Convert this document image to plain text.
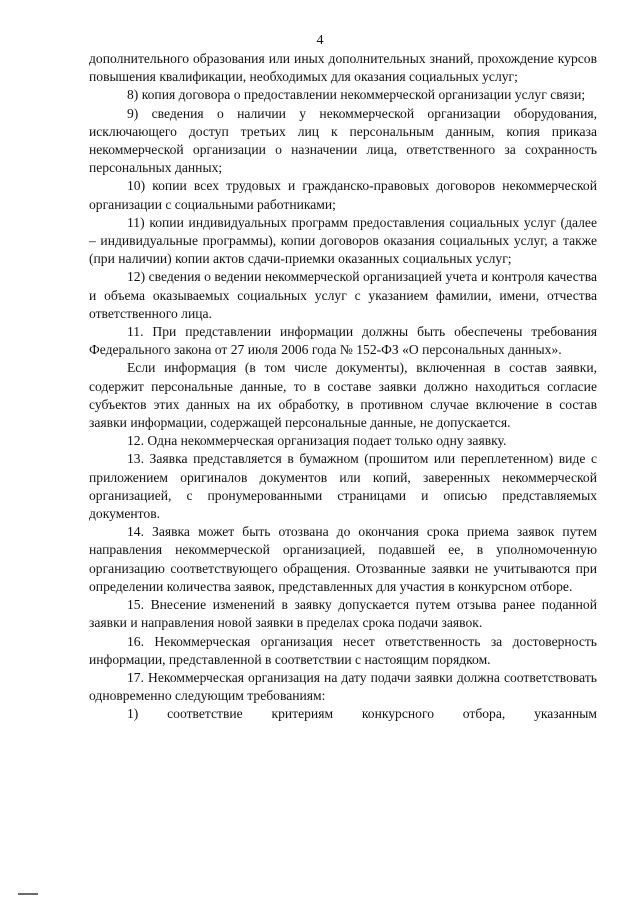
4

дополнительного образования или иных дополнительных знаний, прохождение курсов повышения квалификации, необходимых для оказания социальных услуг;

8) копия договора о предоставлении некоммерческой организации услуг связи;

9) сведения о наличии у некоммерческой организации оборудования, исключающего доступ третьих лиц к персональным данным, копия приказа некоммерческой организации о назначении лица, ответственного за сохранность персональных данных;

10) копии всех трудовых и гражданско-правовых договоров некоммерческой организации с социальными работниками;

11) копии индивидуальных программ предоставления социальных услуг (далее – индивидуальные программы), копии договоров оказания социальных услуг, а также (при наличии) копии актов сдачи-приемки оказанных социальных услуг;

12) сведения о ведении некоммерческой организацией учета и контроля качества и объема оказываемых социальных услуг с указанием фамилии, имени, отчества ответственного лица.

11. При представлении информации должны быть обеспечены требования Федерального закона от 27 июля 2006 года № 152-ФЗ «О персональных данных».

Если информация (в том числе документы), включенная в состав заявки, содержит персональные данные, то в составе заявки должно находиться согласие субъектов этих данных на их обработку, в противном случае включение в состав заявки информации, содержащей персональные данные, не допускается.

12. Одна некоммерческая организация подает только одну заявку.

13. Заявка представляется в бумажном (прошитом или переплетенном) виде с приложением оригиналов документов или копий, заверенных некоммерческой организацией, с пронумерованными страницами и описью представляемых документов.

14. Заявка может быть отозвана до окончания срока приема заявок путем направления некоммерческой организацией, подавшей ее, в уполномоченную организацию соответствующего обращения. Отозванные заявки не учитываются при определении количества заявок, представленных для участия в конкурсном отборе.

15. Внесение изменений в заявку допускается путем отзыва ранее поданной заявки и направления новой заявки в пределах срока подачи заявок.

16. Некоммерческая организация несет ответственность за достоверность информации, представленной в соответствии с настоящим порядком.

17. Некоммерческая организация на дату подачи заявки должна соответствовать одновременно следующим требованиям:

1) соответствие критериям конкурсного отбора, указанным
